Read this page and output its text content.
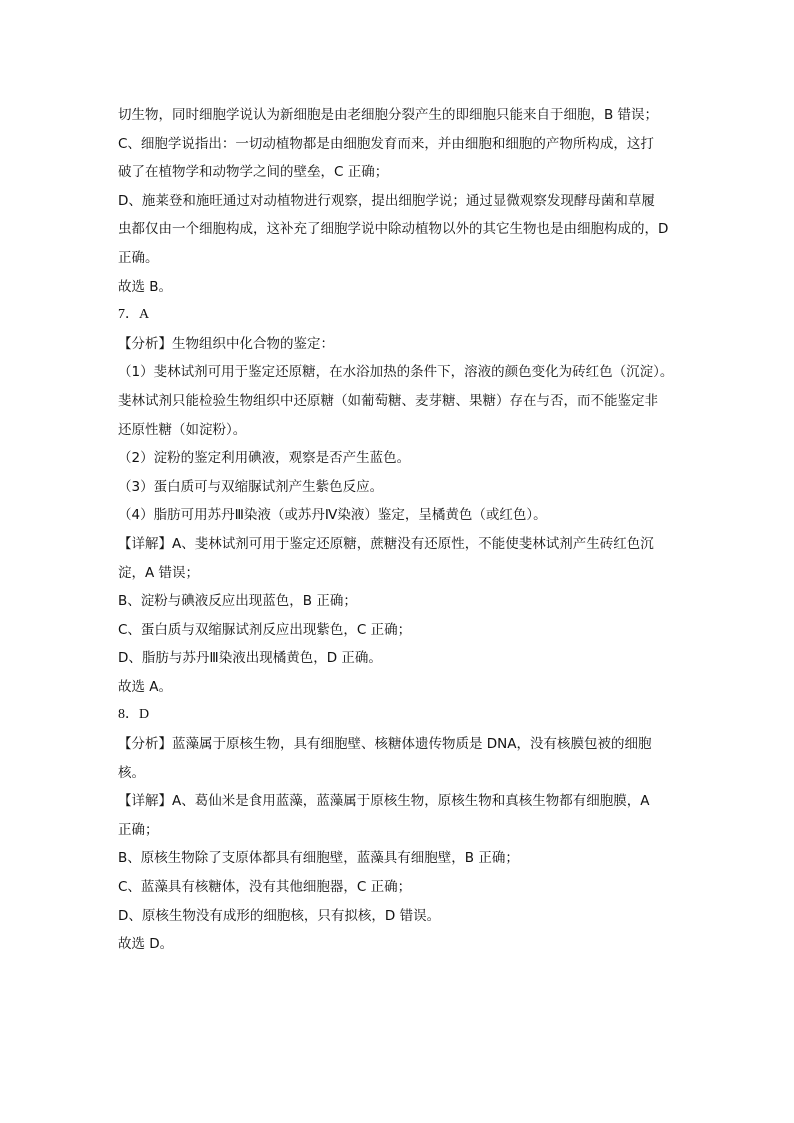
切生物，同时细胞学说认为新细胞是由老细胞分裂产生的即细胞只能来自于细胞，B 错误；
C、细胞学说指出：一切动植物都是由细胞发育而来，并由细胞和细胞的产物所构成，这打
破了在植物学和动物学之间的壁垒，C 正确；
D、施莱登和施旺通过对动植物进行观察，提出细胞学说；通过显微观察发现酵母菌和草履
虫都仅由一个细胞构成，这补充了细胞学说中除动植物以外的其它生物也是由细胞构成的，D
正确。
故选 B。
7．A
【分析】生物组织中化合物的鉴定：
（1）斐林试剂可用于鉴定还原糖，在水浴加热的条件下，溶液的颜色变化为砖红色（沉淀）。
斐林试剂只能检验生物组织中还原糖（如葡萄糖、麦芽糖、果糖）存在与否，而不能鉴定非
还原性糖（如淀粉）。
（2）淀粉的鉴定利用碘液，观察是否产生蓝色。
（3）蛋白质可与双缩脲试剂产生紫色反应。
（4）脂肪可用苏丹Ⅲ染液（或苏丹Ⅳ染液）鉴定，呈橘黄色（或红色）。
【详解】A、斐林试剂可用于鉴定还原糖，蔗糖没有还原性，不能使斐林试剂产生砖红色沉
淀，A 错误；
B、淀粉与碘液反应出现蓝色，B 正确；
C、蛋白质与双缩脲试剂反应出现紫色，C 正确；
D、脂肪与苏丹Ⅲ染液出现橘黄色，D 正确。
故选 A。
8．D
【分析】蓝藻属于原核生物，具有细胞壁、核糖体遗传物质是 DNA，没有核膜包被的细胞
核。
【详解】A、葛仙米是食用蓝藻，蓝藻属于原核生物，原核生物和真核生物都有细胞膜，A
正确；
B、原核生物除了支原体都具有细胞壁，蓝藻具有细胞壁，B 正确；
C、蓝藻具有核糖体，没有其他细胞器，C 正确；
D、原核生物没有成形的细胞核，只有拟核，D 错误。
故选 D。
